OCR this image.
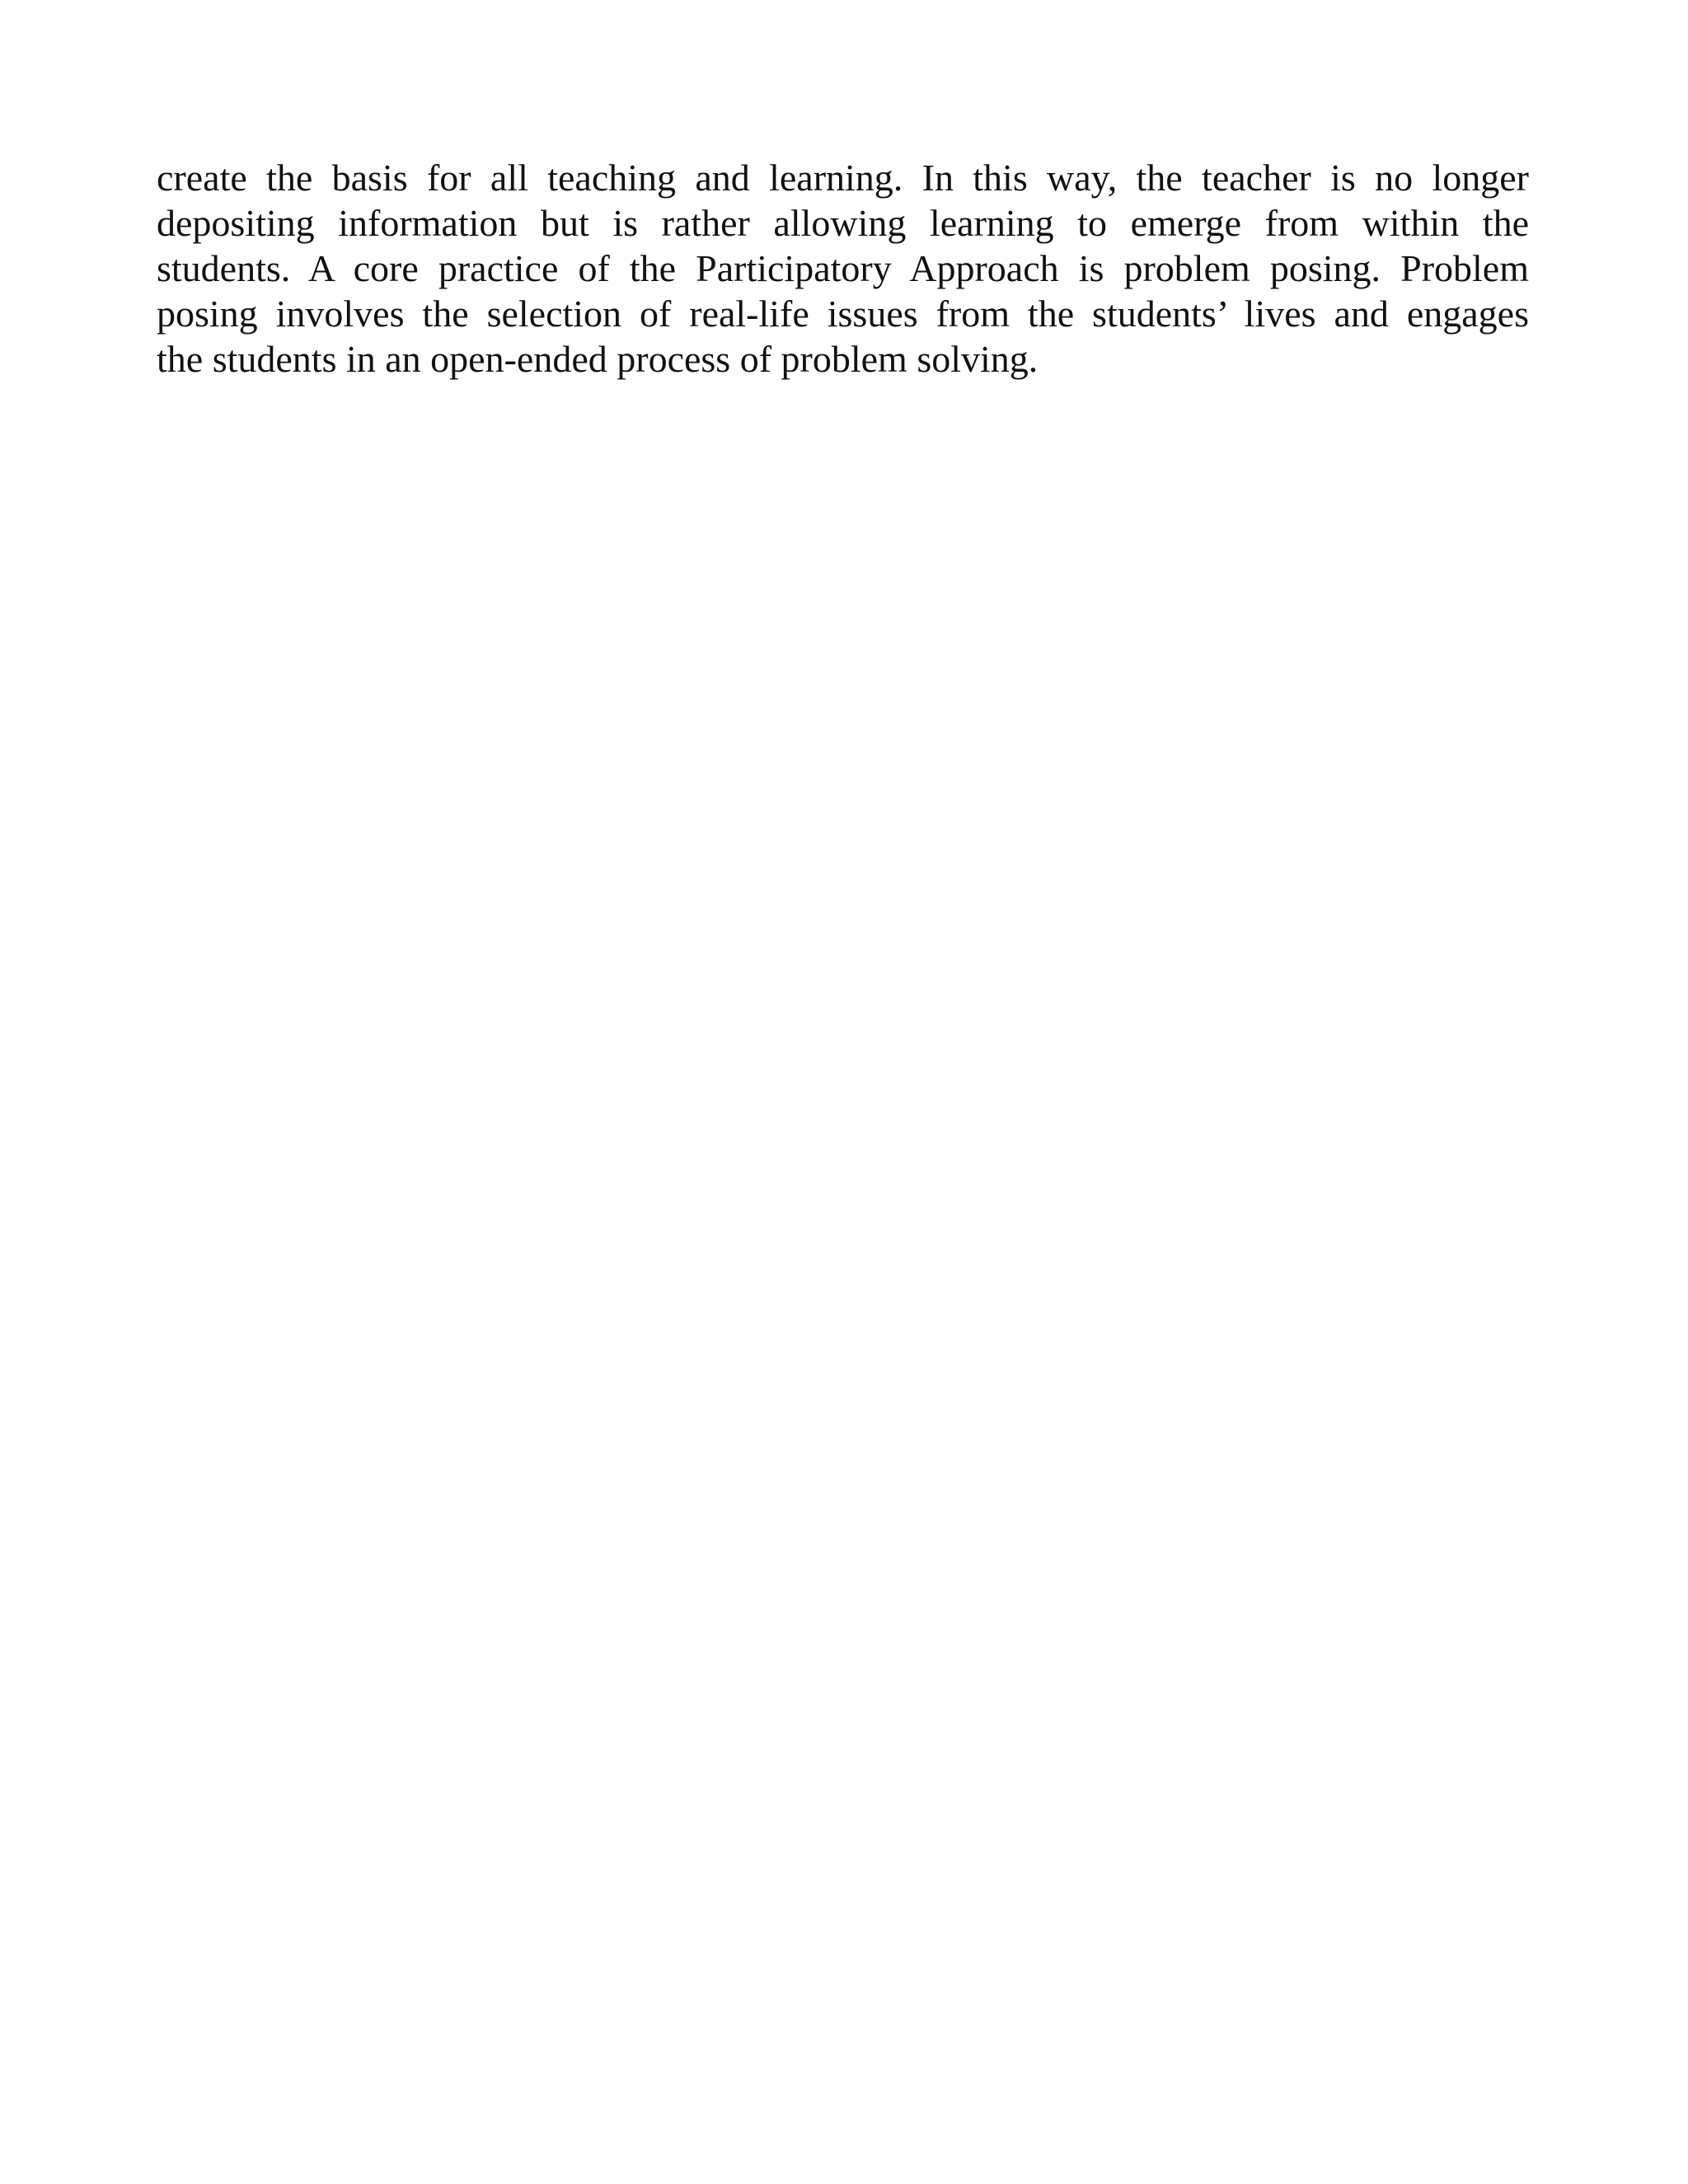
create the basis for all teaching and learning. In this way, the teacher is no longer
depositing information but is rather allowing learning to emerge from within the
students. A core practice of the Participatory Approach is problem posing. Problem
posing involves the selection of real-life issues from the students’ lives and engages
the students in an open-ended process of problem solving.
